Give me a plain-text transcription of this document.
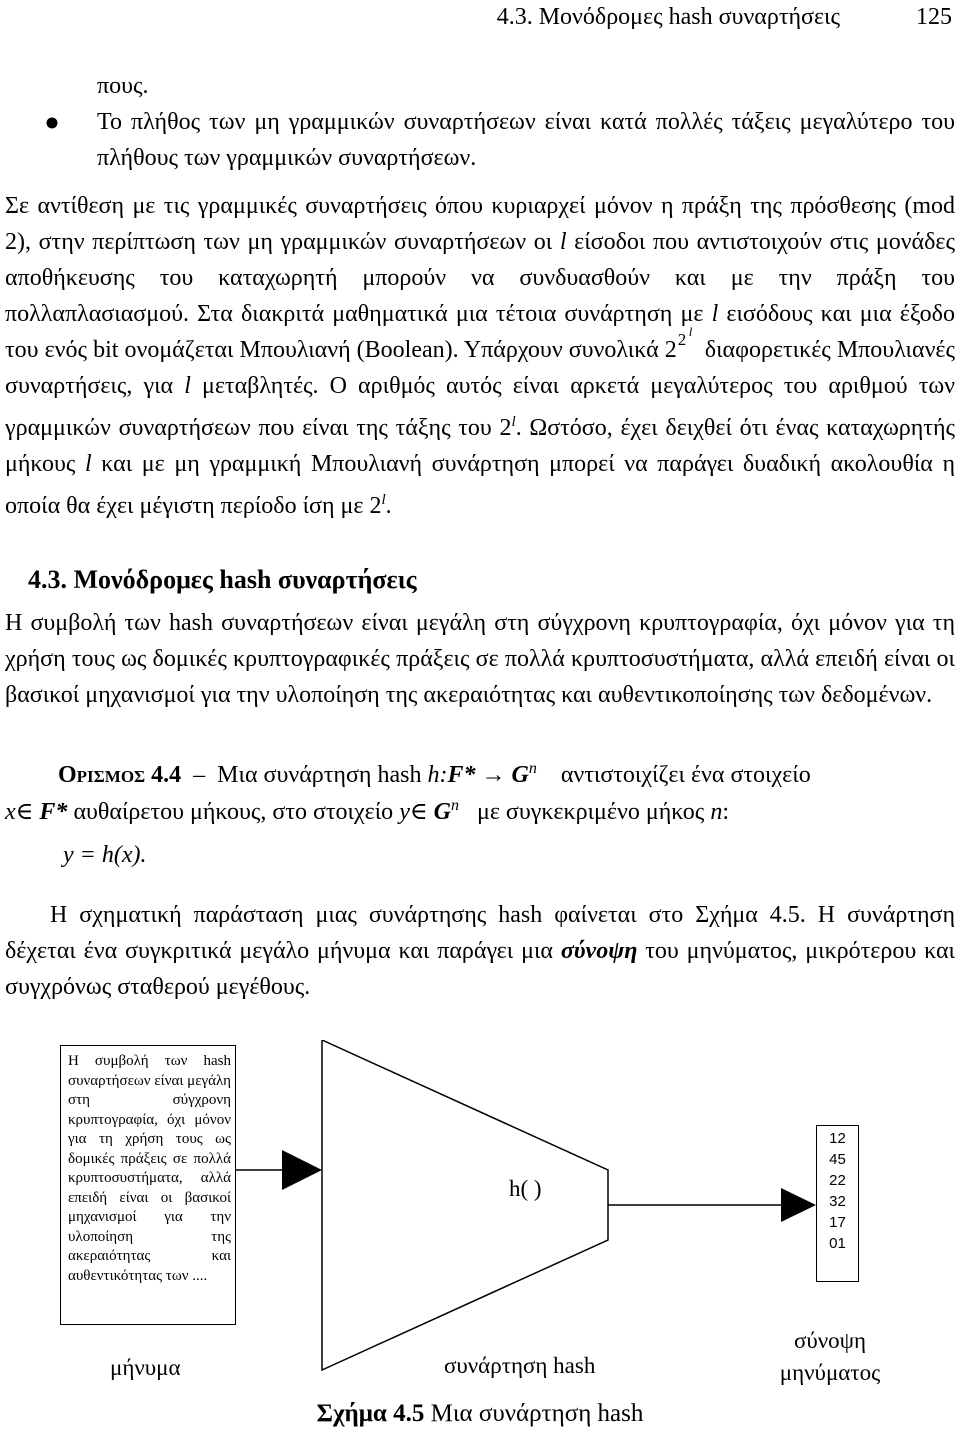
4.3. Μονόδρομες hash συναρτήσεις	125
πους.
Το πλήθος των μη γραμμικών συναρτήσεων είναι κατά πολλές τάξεις μεγαλύτερο του πλήθους των γραμμικών συναρτήσεων.
Σε αντίθεση με τις γραμμικές συναρτήσεις όπου κυριαρχεί μόνον η πράξη της πρόσθεσης (mod 2), στην περίπτωση των μη γραμμικών συναρτήσεων οι l είσοδοι που αντιστοιχούν στις μονάδες αποθήκευσης του καταχωρητή μπορούν να συνδυασθούν και με την πράξη του πολλαπλασιασμού. Στα διακριτά μαθηματικά μια τέτοια συνάρτηση με l εισόδους και μια έξοδο του ενός bit ονομάζεται Μπουλιανή (Boolean). Υπάρχουν συνολικά 2 2 l
διαφορετικές Μπουλιανές συναρτήσεις, για l μεταβλητές. Ο αριθμός αυτός είναι αρκετά μεγαλύτερος του αριθμού των γραμμικών συναρτήσεων που είναι της τάξης του 2$^l$. Ωστόσο, έχει δειχθεί ότι ένας καταχωρητής μήκους l και με μη γραμμική Μπουλιανή συνάρτηση μπορεί να παράγει δυαδική ακολουθία η οποία θα έχει μέγιστη περίοδο ίση με 2$^l$.
4.3. Μονόδρομες hash συναρτήσεις
Η συμβολή των hash συναρτήσεων είναι μεγάλη στη σύγχρονη κρυπτογραφία, όχι μόνον για τη χρήση τους ως δομικές κρυπτογραφικές πράξεις σε πολλά κρυπτοσυστήματα, αλλά επειδή είναι οι βασικοί μηχανισμοί για την υλοποίηση της ακεραιότητας και αυθεντικοποίησης των δεδομένων.
Ορισμος 4.4 – Μια συνάρτηση hash h:F* → $G^n$    αντιστοιχίζει ένα στοιχείο
x∈ F* αυθαίρετου μήκους, στο στοιχείο y∈ $G^n$   με συγκεκριμένο μήκος n:
y = h(x).
Η σχηματική παράσταση μιας συνάρτησης hash φαίνεται στο Σχήμα 4.5. Η συνάρτηση δέχεται ένα συγκριτικά μεγάλο μήνυμα και παράγει μια σύνοψη του μηνύματος, μικρότερου και συγχρόνως σταθερού μεγέθους.
Η συμβολή των hash συναρτήσεων είναι μεγάλη στη σύγχρονη κρυπτογραφία, όχι μόνον για τη χρήση τους ως δομικές πράξεις σε πολλά κρυπτοσυστήματα, αλλά επειδή είναι οι βασικοί μηχανισμοί για την υλοποίηση της ακεραιότητας και αυθεντικότητας των ....
h( )
12
45
22
32
17
01
μήνυμα	συνάρτηση hash
σύνοψη
μηνύματος
Σχήμα 4.5 Μια συνάρτηση hash
